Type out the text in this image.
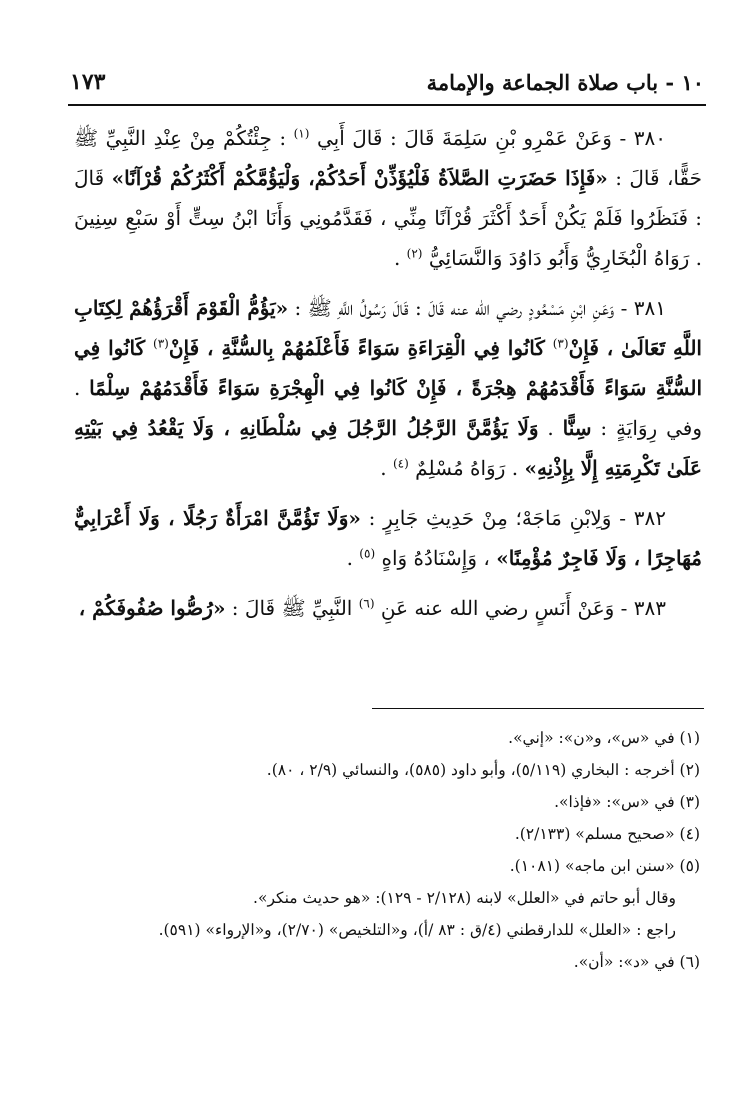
١٠ - باب صلاة الجماعة والإمامة
١٧٣

٣٨٠ - وَعَنْ عَمْرِو بْنِ سَلِمَةَ قَالَ : قَالَ أَبِي $^{(١)}$ : جِئْتُكُمْ مِنْ عِنْدِ النَّبِيِّ ﷺ حَقًّا، قَالَ : «فَإِذَا حَضَرَتِ الصَّلاَةُ فَلْيُؤَذِّنْ أَحَدُكُمْ، وَلْيَؤُمَّكُمْ أَكْثَرُكُمْ قُرْآنًا» قَالَ : فَنَظَرُوا فَلَمْ يَكُنْ أَحَدٌ أَكْثَرَ قُرْآنًا مِنِّي ، فَقَدَّمُونِي وَأَنَا ابْنُ سِتٍّ أَوْ سَبْعِ سِنِينَ . رَوَاهُ الْبُخَارِيُّ وَأَبُو دَاوُدَ وَالنَّسَائِيُّ $^{(٢)}$ .

٣٨١ - وَعَنِ ابْنِ مَسْعُودٍ رضي الله عنه قَالَ : قَالَ رَسُولُ اللَّهِ ﷺ : «يَؤُمُّ الْقَوْمَ أَقْرَؤُهُمْ لِكِتَابِ اللَّهِ تَعَالَىٰ ، فَإِنْ$^{(٣)}$ كَانُوا فِي الْقِرَاءَةِ سَوَاءً فَأَعْلَمُهُمْ بِالسُّنَّةِ ، فَإِنْ$^{(٣)}$ كَانُوا فِي السُّنَّةِ سَوَاءً فَأَقْدَمُهُمْ هِجْرَةً ، فَإِنْ كَانُوا فِي الْهِجْرَةِ سَوَاءً فَأَقْدَمُهُمْ سِلْمًا . وفي رِوَايَةٍ : سِنًّا . وَلَا يَؤُمَّنَّ الرَّجُلُ الرَّجُلَ فِي سُلْطَانِهِ ، وَلَا يَقْعُدُ فِي بَيْتِهِ عَلَىٰ تَكْرِمَتِهِ إِلَّا بِإِذْنِهِ» . رَوَاهُ مُسْلِمٌ $^{(٤)}$ .

٣٨٢ - وَلِابْنِ مَاجَهْ؛ مِنْ حَدِيثِ جَابِرٍ : «وَلَا تَؤُمَّنَّ امْرَأَةٌ رَجُلًا ، وَلَا أَعْرَابِيٌّ مُهَاجِرًا ، وَلَا فَاجِرٌ مُؤْمِنًا» ، وَإِسْنَادُهُ وَاهٍ $^{(٥)}$ .

٣٨٣ - وَعَنْ أَنَسٍ رضي الله عنه عَنِ $^{(٦)}$ النَّبِيِّ ﷺ قَالَ : «رُصُّوا صُفُوفَكُمْ ،

(١) في «س»، و«ن»: «إني».

(٢) أخرجه : البخاري (٥/١١٩)، وأبو داود (٥٨٥)، والنسائي (٢/٩ ، ٨٠).

(٣) في «س»: «فإذا».

(٤) «صحيح مسلم» (٢/١٣٣).

(٥) «سنن ابن ماجه» (١٠٨١).

وقال أبو حاتم في «العلل» لابنه (٢/١٢٨ - ١٢٩): «هو حديث منكر».

راجع : «العلل» للدارقطني (٤/ق : ٨٣ /أ)، و«التلخيص» (٢/٧٠)، و«الإرواء» (٥٩١).

(٦) في «د»: «أن».
